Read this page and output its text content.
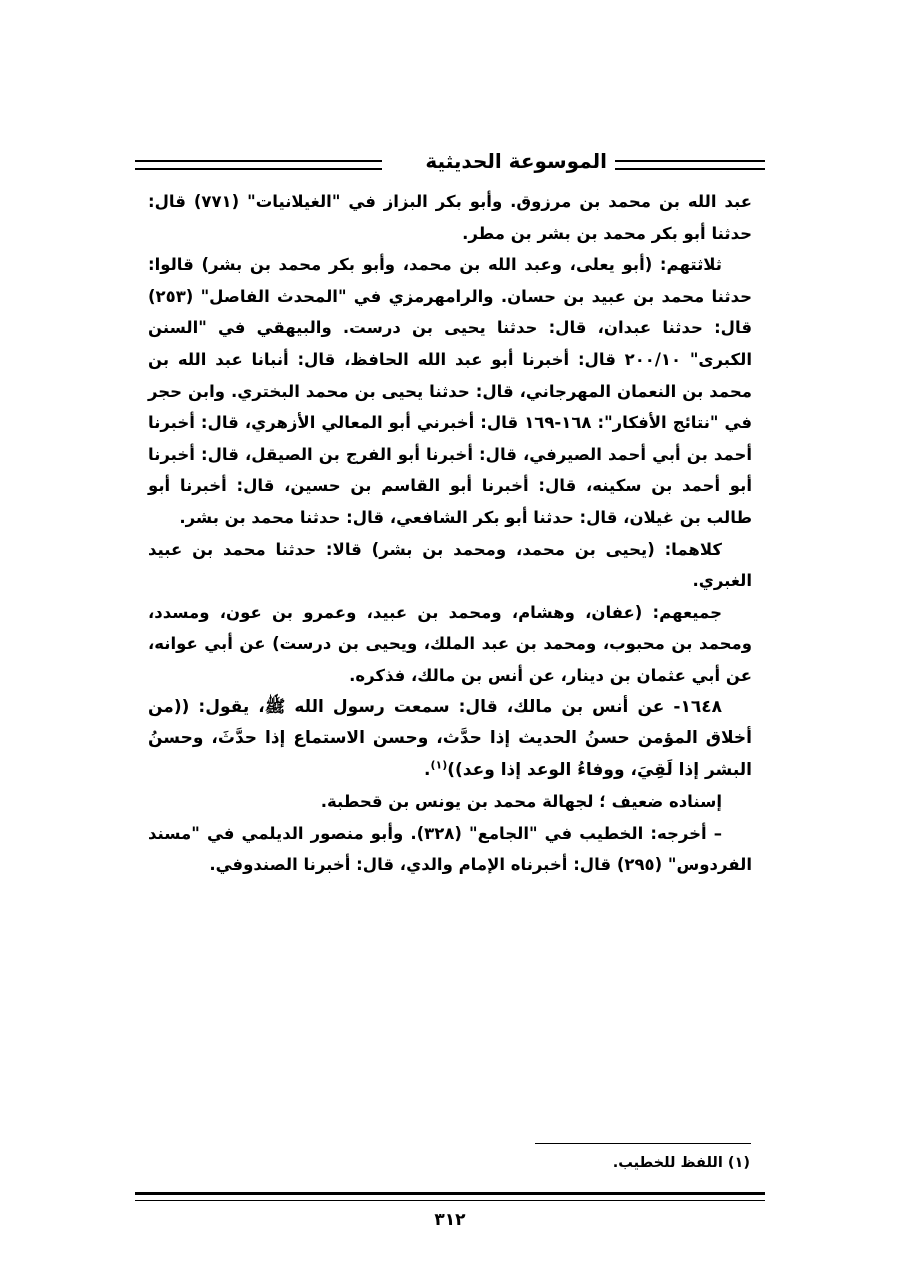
الموسوعة الحديثية

عبد الله بن محمد بن مرزوق. وأبو بكر البزاز في "الغيلانيات" (٧٧١) قال: حدثنا أبو بكر محمد بن بشر بن مطر.

ثلاثتهم: (أبو يعلى، وعبد الله بن محمد، وأبو بكر محمد بن بشر) قالوا: حدثنا محمد بن عبيد بن حسان. والرامهرمزي في "المحدث الفاصل" (٢٥٣) قال: حدثنا عبدان، قال: حدثنا يحيى بن درست. والبيهقي في "السنن الكبرى" ٢٠٠/١٠ قال: أخبرنا أبو عبد الله الحافظ، قال: أنبانا عبد الله بن محمد بن النعمان المهرجاني، قال: حدثنا يحيى بن محمد البختري. وابن حجر في "نتائج الأفكار": ١٦٨-١٦٩ قال: أخبرني أبو المعالي الأزهري، قال: أخبرنا أحمد بن أبي أحمد الصيرفي، قال: أخبرنا أبو الفرج بن الصيقل، قال: أخبرنا أبو أحمد بن سكينه، قال: أخبرنا أبو القاسم بن حسين، قال: أخبرنا أبو طالب بن غيلان، قال: حدثنا أبو بكر الشافعي، قال: حدثنا محمد بن بشر.

كلاهما: (يحيى بن محمد، ومحمد بن بشر) قالا: حدثنا محمد بن عبيد الغبري.

جميعهم: (عفان، وهشام، ومحمد بن عبيد، وعمرو بن عون، ومسدد، ومحمد بن محبوب، ومحمد بن عبد الملك، ويحيى بن درست) عن أبي عوانه، عن أبي عثمان بن دينار، عن أنس بن مالك، فذكره.

١٦٤٨- عن أنس بن مالك، قال: سمعت رسول الله ﷺ، يقول: ((من أخلاق المؤمن حسنُ الحديث إذا حدَّث، وحسن الاستماع إذا حدَّثَ، وحسنُ البشر إذا لَقِيَ، ووفاءُ الوعد إذا وعد))$^{(١)}$.

إسناده ضعيف ؛ لجهالة محمد بن يونس بن قحطبة.

– أخرجه: الخطيب في "الجامع" (٣٢٨). وأبو منصور الديلمي في "مسند الفردوس" (٢٩٥) قال: أخبرناه الإمام والدي، قال: أخبرنا الصندوفي.

(١) اللفظ للخطيب.
٣١٢
